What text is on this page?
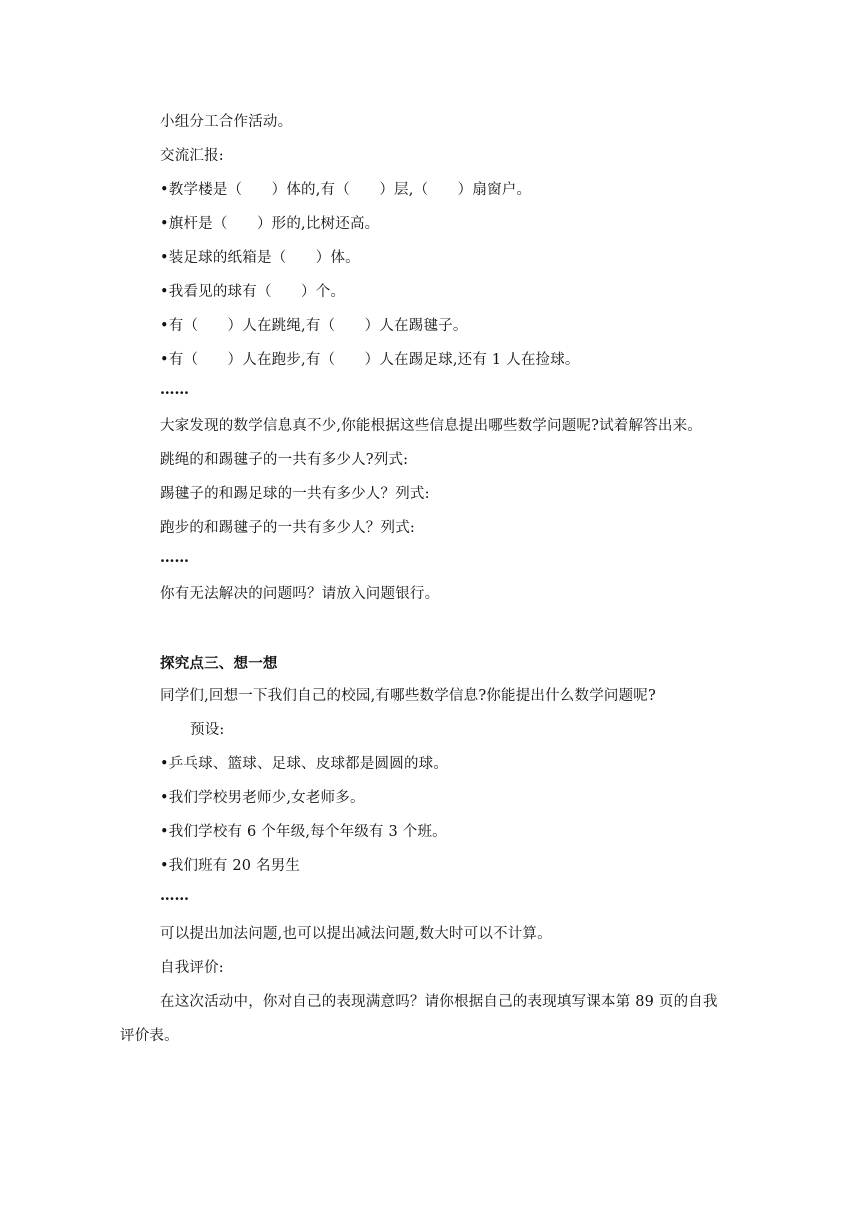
小组分工合作活动。
交流汇报:
•教学楼是（　　）体的,有（　　）层,（　　）扇窗户。
•旗杆是（　　）形的,比树还高。
•装足球的纸箱是（　　）体。
•我看见的球有（　　）个。
•有（　　）人在跳绳,有（　　）人在踢毽子。
•有（　　）人在跑步,有（　　）人在踢足球,还有 1 人在捡球。
……
大家发现的数学信息真不少,你能根据这些信息提出哪些数学问题呢?试着解答出来。
跳绳的和踢毽子的一共有多少人?列式:
踢毽子的和踢足球的一共有多少人？列式:
跑步的和踢毽子的一共有多少人？列式:
……
你有无法解决的问题吗？请放入问题银行。
探究点三、想一想
同学们,回想一下我们自己的校园,有哪些数学信息?你能提出什么数学问题呢?
预设:
•乒乓球、篮球、足球、皮球都是圆圆的球。
•我们学校男老师少,女老师多。
•我们学校有 6 个年级,每个年级有 3 个班。
•我们班有 20 名男生
……
可以提出加法问题,也可以提出减法问题,数大时可以不计算。
自我评价:
在这次活动中，你对自己的表现满意吗？请你根据自己的表现填写课本第 89 页的自我
评价表。
